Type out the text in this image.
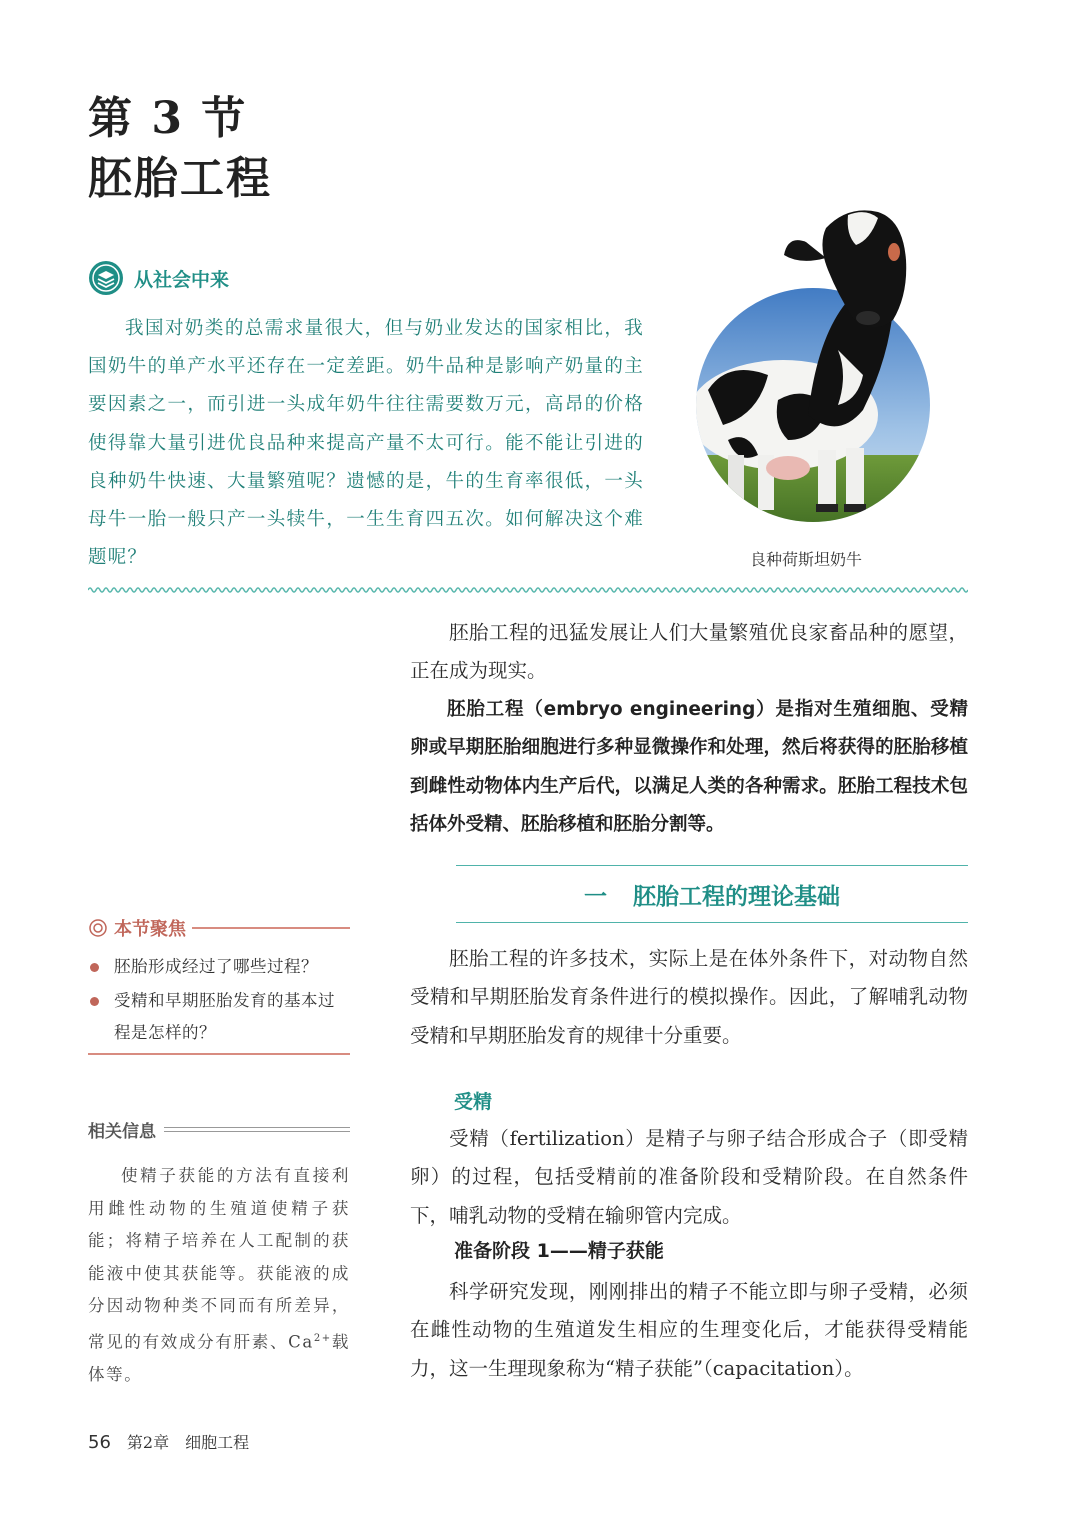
第 3 节
胚胎工程
从社会中来

我国对奶类的总需求量很大，但与奶业发达的国家相比，我国奶牛的单产水平还存在一定差距。奶牛品种是影响产奶量的主要因素之一，而引进一头成年奶牛往往需要数万元，高昂的价格使得靠大量引进优良品种来提高产量不太可行。能不能让引进的良种奶牛快速、大量繁殖呢？遗憾的是，牛的生育率很低，一头母牛一胎一般只产一头犊牛，一生生育四五次。如何解决这个难题呢？	良种荷斯坦奶牛

胚胎工程的迅猛发展让人们大量繁殖优良家畜品种的愿望，正在成为现实。

胚胎工程（embryo engineering）是指对生殖细胞、受精卵或早期胚胎细胞进行多种显微操作和处理，然后将获得的胚胎移植到雌性动物体内生产后代，以满足人类的各种需求。胚胎工程技术包括体外受精、胚胎移植和胚胎分割等。

一 胚胎工程的理论基础

胚胎工程的许多技术，实际上是在体外条件下，对动物自然受精和早期胚胎发育条件进行的模拟操作。因此，了解哺乳动物受精和早期胚胎发育的规律十分重要。

受精

受精（fertilization）是精子与卵子结合形成合子（即受精卵）的过程，包括受精前的准备阶段和受精阶段。在自然条件下，哺乳动物的受精在输卵管内完成。

准备阶段 1——精子获能

科学研究发现，刚刚排出的精子不能立即与卵子受精，必须在雌性动物的生殖道发生相应的生理变化后，才能获得受精能力，这一生理现象称为“精子获能”（capacitation）。

本节聚焦
胚胎形成经过了哪些过程？
受精和早期胚胎发育的基本过程是怎样的？
相关信息

使精子获能的方法有直接利用雌性动物的生殖道使精子获能；将精子培养在人工配制的获能液中使其获能等。获能液的成分因动物种类不同而有所差异，常见的有效成分有肝素、$Ca^{2+}$载体等。

56 第2章 细胞工程
